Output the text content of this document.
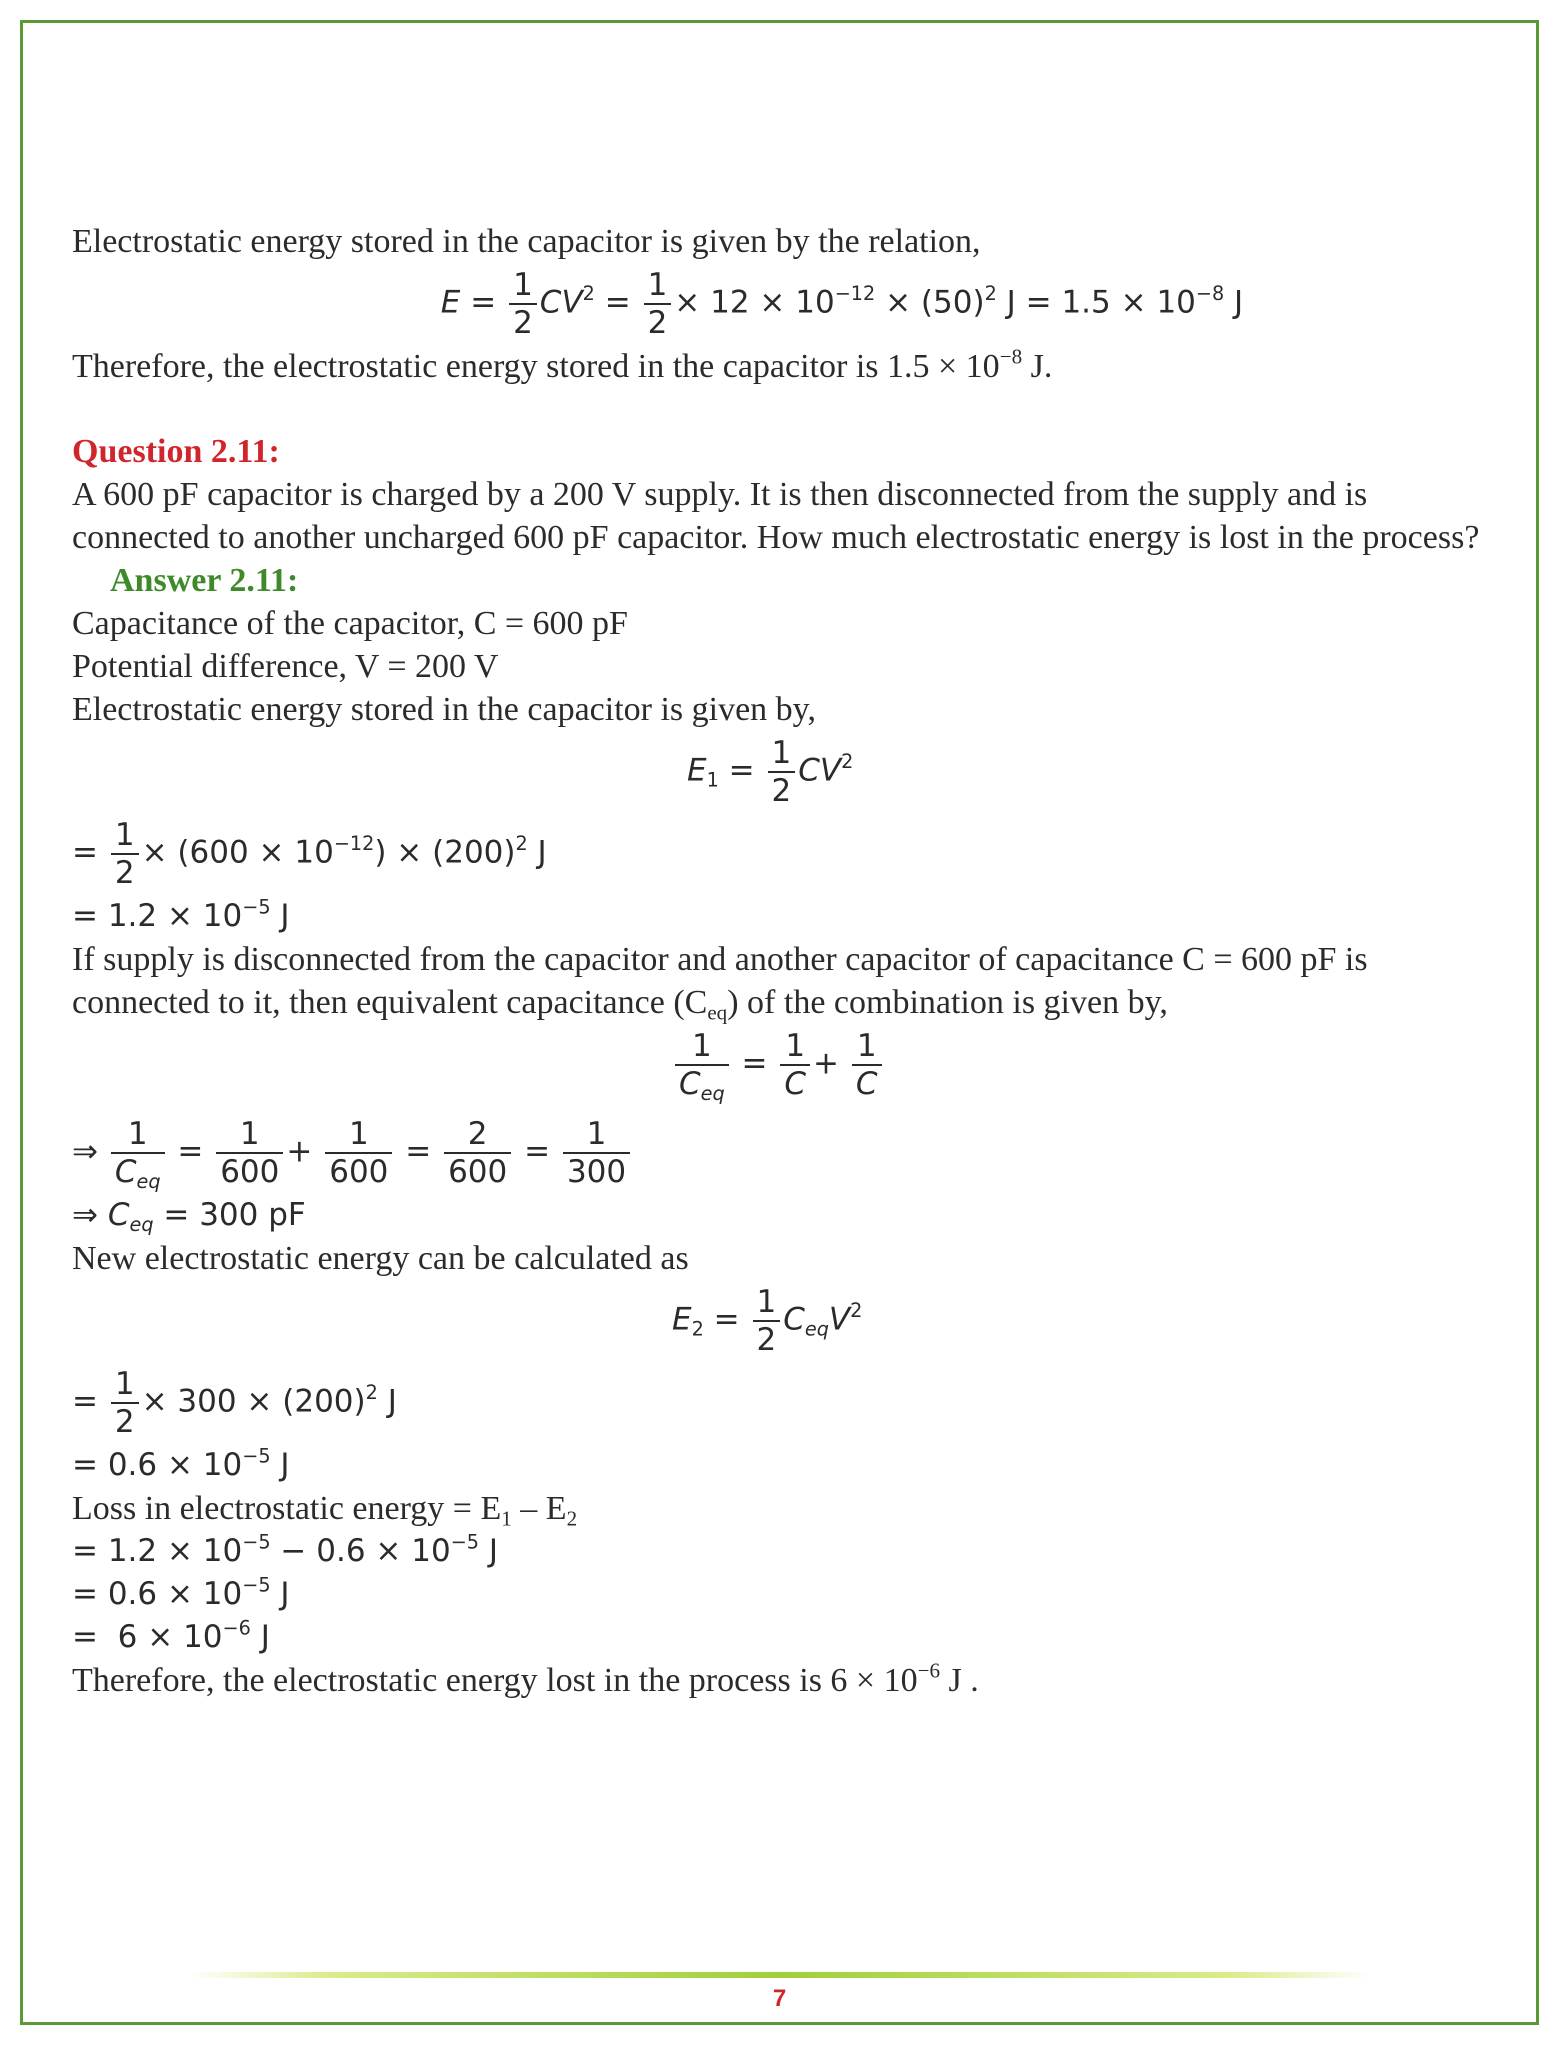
Electrostatic energy stored in the capacitor is given by the relation,
$E = \frac{1}{2} CV^2 = \frac{1}{2} \times 12 \times 10^{-12} \times (50)^2$ $J = 1.5 \times 10^{-8}$ J
Therefore, the electrostatic energy stored in the capacitor is $1.5 \times 10^{-8}$ J.
Question 2.11:
A 600 pF capacitor is charged by a 200 V supply. It is then disconnected from the supply and is connected to another uncharged 600 pF capacitor. How much electrostatic energy is lost in the process?
Answer 2.11:
Capacitance of the capacitor, C = 600 pF
Potential difference, V = 200 V
Electrostatic energy stored in the capacitor is given by,
$E_1 = \frac{1}{2} CV^2$
= $\frac{1}{2} \times (600 \times 10^{-12}) \times (200)^2$ J
= $1.2 \times 10^{-5}$ J
If supply is disconnected from the capacitor and another capacitor of capacitance C = 600 pF is connected to it, then equivalent capacitance $(C_{eq})$ of the combination is given by,
$\frac{1}{C_{eq}} = \frac{1}{C} + \frac{1}{C}$
⇒ $\frac{1}{C_{eq}} = \frac{1}{600} + \frac{1}{600} = \frac{2}{600} = \frac{1}{300}$
⇒ $C_{eq} = 300$ pF
New electrostatic energy can be calculated as
$E_2 = \frac{1}{2} C_{eq}V^2$
= $\frac{1}{2} \times 300 \times (200)^2$ J
= $0.6 \times 10^{-5}$ J
Loss in electrostatic energy = $E_1 - E_2$
= $1.2 \times 10^{-5} - 0.6 \times 10^{-5}$ J
= $0.6 \times 10^{-5}$ J
=  $6 \times 10^{-6}$ J
Therefore, the electrostatic energy lost in the process is $6 \times 10^{-6}$ J .
7
